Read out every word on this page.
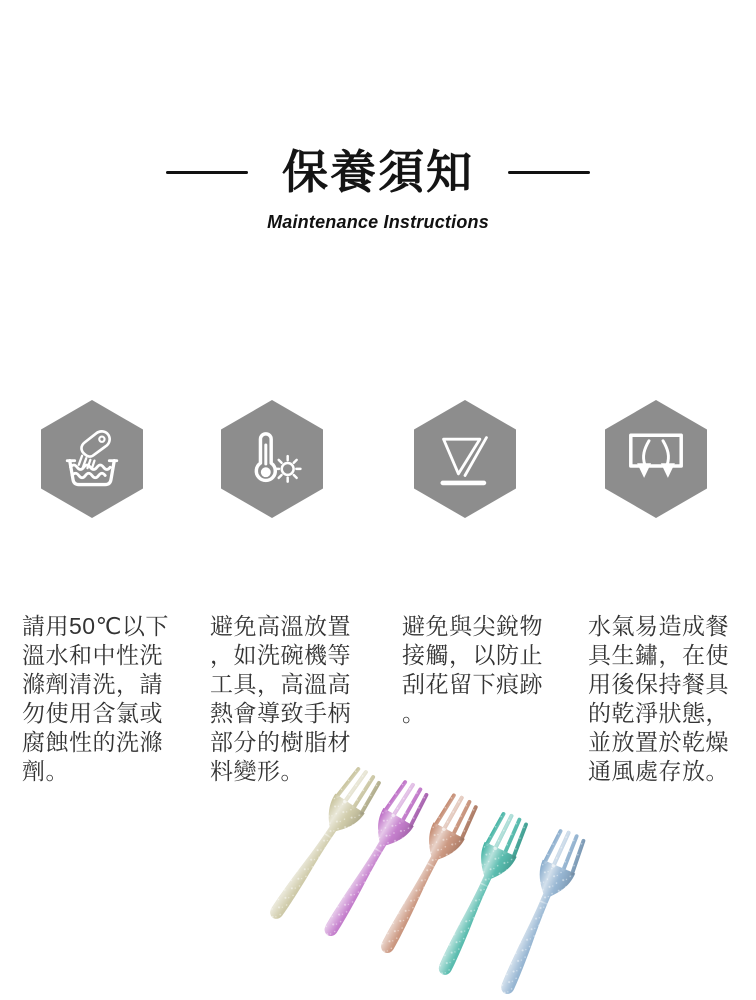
保養須知
Maintenance Instructions
請用50℃以下
溫水和中性洗
滌劑清洗，請
勿使用含氯或
腐蝕性的洗滌
劑。
避免高溫放置
，如洗碗機等
工具，高溫高
熱會導致手柄
部分的樹脂材
料變形。
避免與尖銳物
接觸，以防止
刮花留下痕跡
。
水氣易造成餐
具生鏽，在使
用後保持餐具
的乾淨狀態，
並放置於乾燥
通風處存放。
